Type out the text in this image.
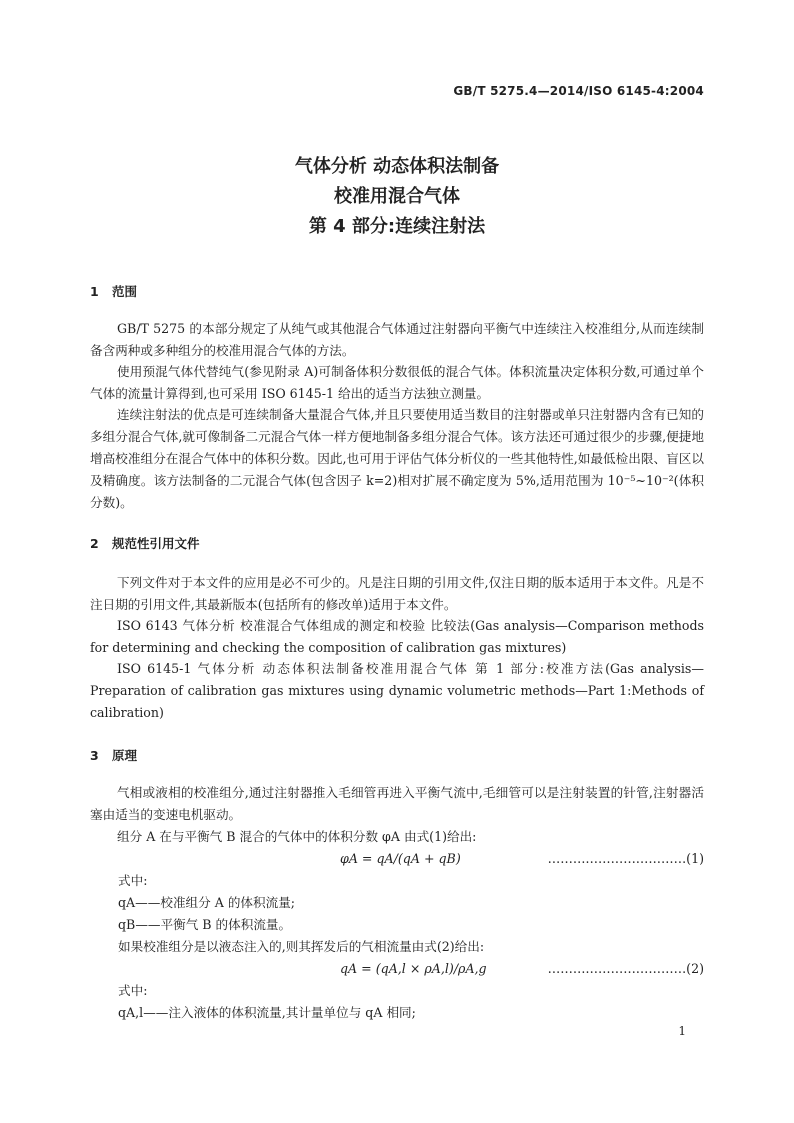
GB/T 5275.4—2014/ISO 6145-4:2004
气体分析 动态体积法制备
校准用混合气体
第 4 部分:连续注射法
1 范围
GB/T 5275 的本部分规定了从纯气或其他混合气体通过注射器向平衡气中连续注入校准组分,从而连续制备含两种或多种组分的校准用混合气体的方法。
使用预混气体代替纯气(参见附录 A)可制备体积分数很低的混合气体。体积流量决定体积分数,可通过单个气体的流量计算得到,也可采用 ISO 6145-1 给出的适当方法独立测量。
连续注射法的优点是可连续制备大量混合气体,并且只要使用适当数目的注射器或单只注射器内含有已知的多组分混合气体,就可像制备二元混合气体一样方便地制备多组分混合气体。该方法还可通过很少的步骤,便捷地增高校准组分在混合气体中的体积分数。因此,也可用于评估气体分析仪的一些其他特性,如最低检出限、盲区以及精确度。该方法制备的二元混合气体(包含因子 k=2)相对扩展不确定度为 5%,适用范围为 10⁻⁵~10⁻²(体积分数)。
2 规范性引用文件
下列文件对于本文件的应用是必不可少的。凡是注日期的引用文件,仅注日期的版本适用于本文件。凡是不注日期的引用文件,其最新版本(包括所有的修改单)适用于本文件。
ISO 6143 气体分析 校准混合气体组成的测定和校验 比较法(Gas analysis—Comparison methods for determining and checking the composition of calibration gas mixtures)
ISO 6145-1 气体分析 动态体积法制备校准用混合气体 第 1 部分:校准方法(Gas analysis—Preparation of calibration gas mixtures using dynamic volumetric methods—Part 1:Methods of calibration)
3 原理
气相或液相的校准组分,通过注射器推入毛细管再进入平衡气流中,毛细管可以是注射装置的针管,注射器活塞由适当的变速电机驱动。
组分 A 在与平衡气 B 混合的气体中的体积分数 φA 由式(1)给出:
φA = qA/(qA + qB)	……………………………(1)
式中:
qA——校准组分 A 的体积流量;
qB——平衡气 B 的体积流量。
如果校准组分是以液态注入的,则其挥发后的气相流量由式(2)给出:
qA = (qA,l × ρA,l)/ρA,g	……………………………(2)
式中:
qA,l——注入液体的体积流量,其计量单位与 qA 相同;
1
